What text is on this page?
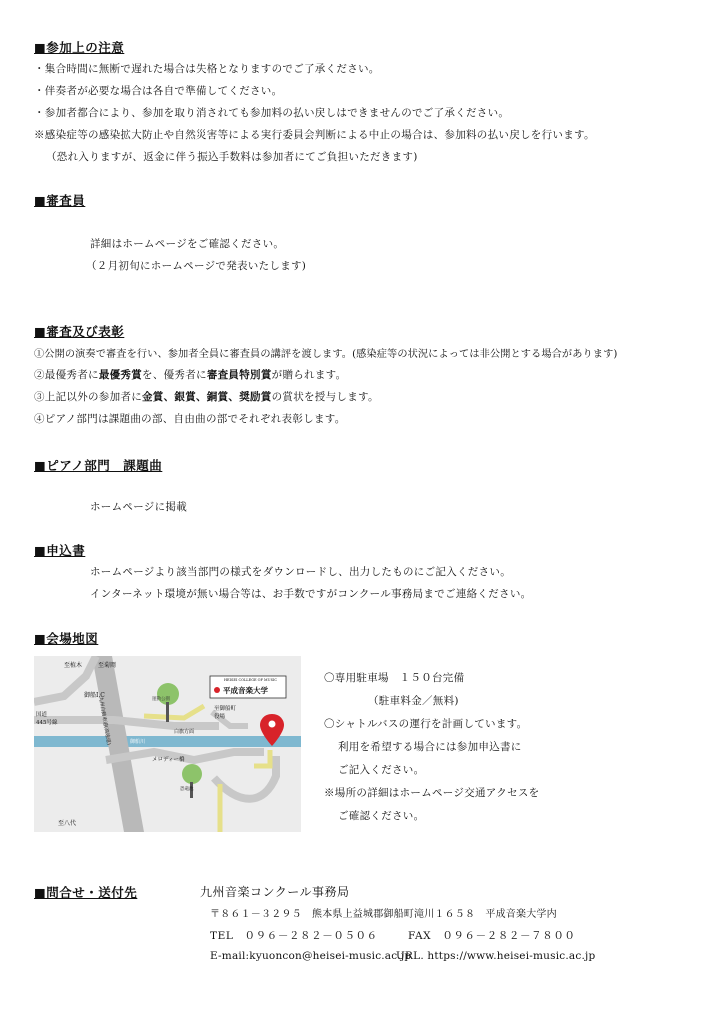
■参加上の注意
・集合時間に無断で遅れた場合は失格となりますのでご了承ください。
・伴奏者が必要な場合は各自で準備してください。
・参加者都合により、参加を取り消されても参加料の払い戻しはできませんのでご了承ください。
※感染症等の感染拡大防止や自然災害等による実行委員会判断による中止の場合は、参加料の払い戻しを行います。
（恐れ入りますが、返金に伴う振込手数料は参加者にてご負担いただきます)
■審査員
詳細はホームページをご確認ください。
（２月初旬にホームページで発表いたします)
■審査及び表彰
①公開の演奏で審査を行い、参加者全員に審査員の講評を渡します。(感染症等の状況によっては非公開とする場合があります)
②最優秀者に最優秀賞を、優秀者に審査員特別賞が贈られます。
③上記以外の参加者に金賞、銀賞、銅賞、奨励賞の賞状を授与します。
④ピアノ部門は課題曲の部、自由曲の部でそれぞれ表彰します。
■ピアノ部門　課題曲
ホームページに掲載
■申込書
ホームページより該当部門の様式をダウンロードし、出力したものにご記入ください。
インターネット環境が無い場合等は、お手数ですがコンクール事務局までご連絡ください。
■会場地図
至植木	至菊岡
御船I.C
国道
445号線
運動公園
御船川
九州自動車道(高速道)	白旗方面
至御船町
役場
メロディー橋
至八代
HEISEI COLLEGE OF MUSIC
平成音楽大学
恐竜池
〇専用駐車場　１５０台完備
（駐車料金／無料)
〇シャトルバスの運行を計画しています。
利用を希望する場合には参加申込書に
ご記入ください。
※場所の詳細はホームページ交通アクセスを
ご確認ください。
■問合せ・送付先	九州音楽コンクール事務局
〒８６１－３２９５　熊本県上益城郡御船町滝川１６５８　平成音楽大学内
TEL　０９６－２８２－０５０６	FAX　０９６－２８２－７８００
E-mail:kyuoncon@heisei-music.ac.jp
URL. https://www.heisei-music.ac.jp
